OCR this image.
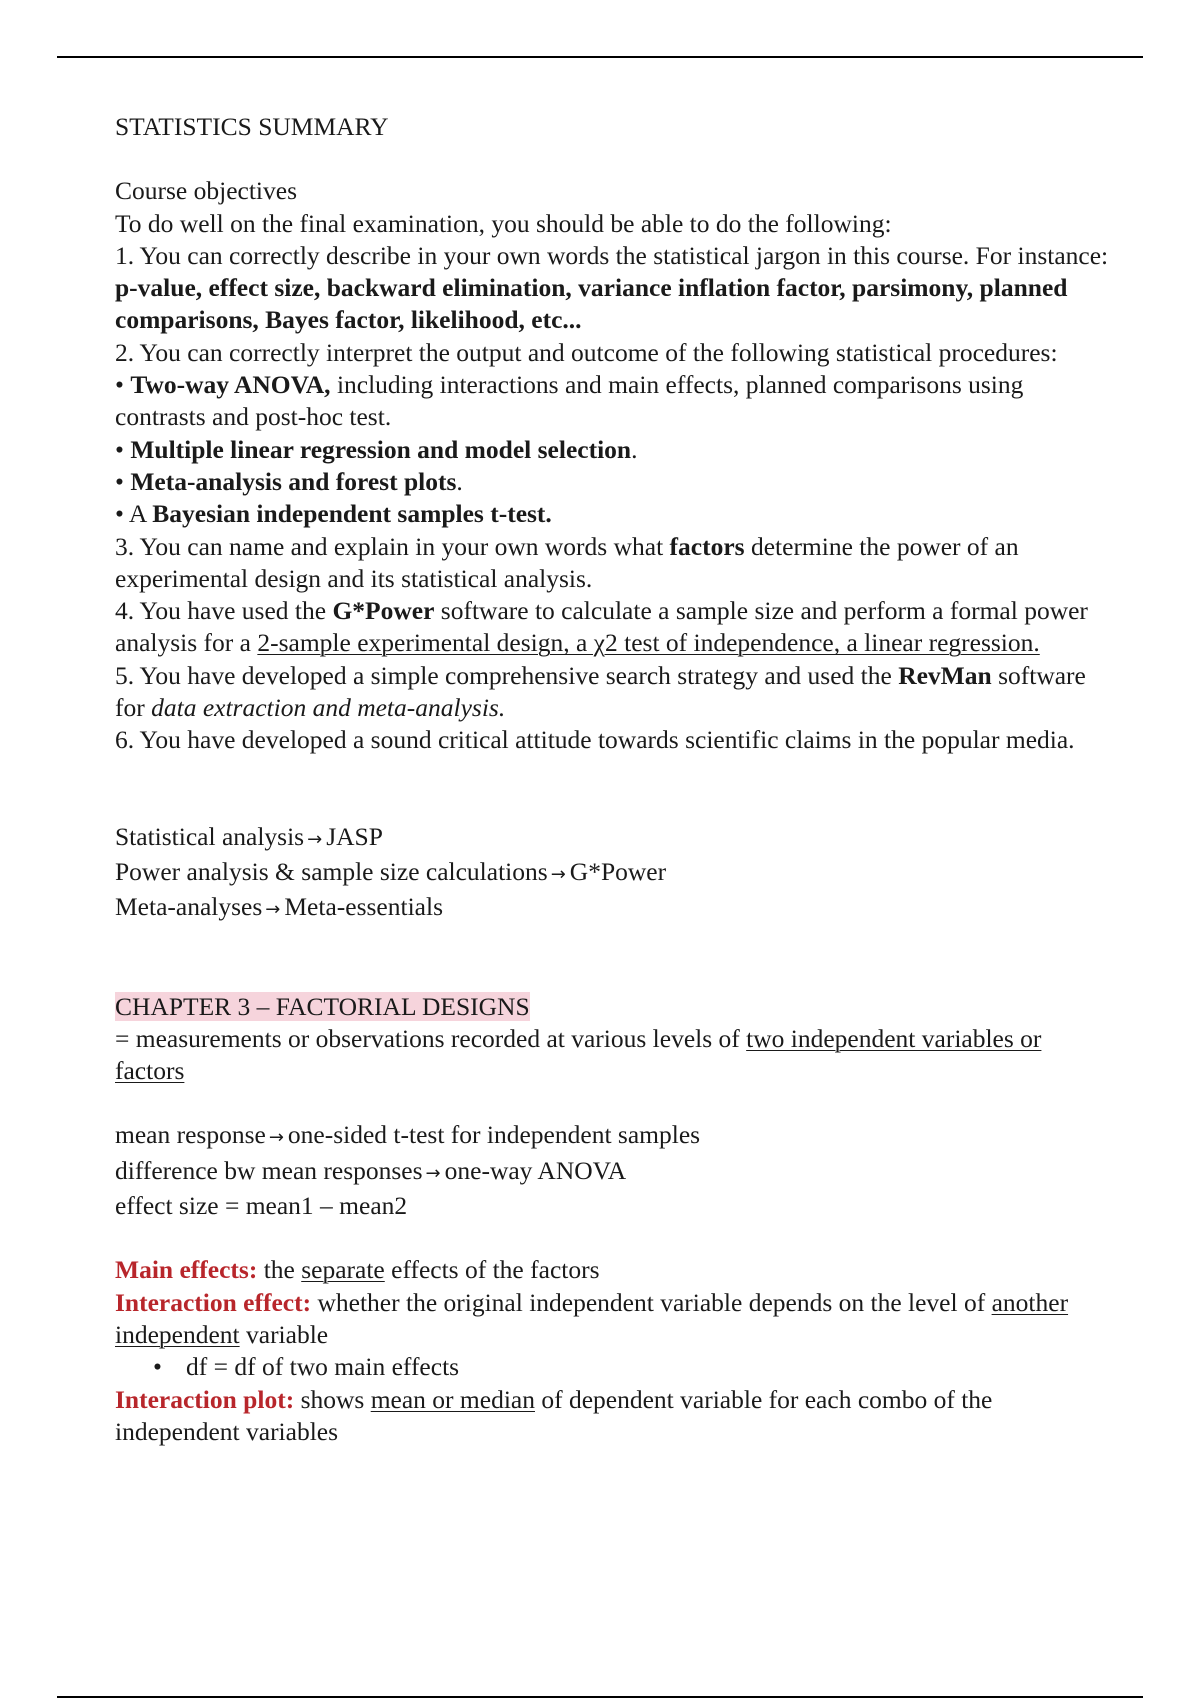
STATISTICS SUMMARY

Course objectives

To do well on the final examination, you should be able to do the following:

1. You can correctly describe in your own words the statistical jargon in this course. For instance: p-value, effect size, backward elimination, variance inflation factor, parsimony, planned comparisons, Bayes factor, likelihood, etc...

2. You can correctly interpret the output and outcome of the following statistical procedures:

• Two-way ANOVA, including interactions and main effects, planned comparisons using contrasts and post-hoc test.

• Multiple linear regression and model selection.

• Meta-analysis and forest plots.

• A Bayesian independent samples t-test.

3. You can name and explain in your own words what factors determine the power of an experimental design and its statistical analysis.

4. You have used the G*Power software to calculate a sample size and perform a formal power analysis for a 2-sample experimental design, a χ2 test of independence, a linear regression.

5. You have developed a simple comprehensive search strategy and used the RevMan software for data extraction and meta-analysis.

6. You have developed a sound critical attitude towards scientific claims in the popular media.

Statistical analysis → JASP

Power analysis & sample size calculations → G*Power

Meta-analyses → Meta-essentials

CHAPTER 3 – FACTORIAL DESIGNS

= measurements or observations recorded at various levels of two independent variables or factors

mean response → one-sided t-test for independent samples

difference bw mean responses → one-way ANOVA

effect size = mean1 – mean2

Main effects: the separate effects of the factors

Interaction effect: whether the original independent variable depends on the level of another independent variable

• df = df of two main effects

Interaction plot: shows mean or median of dependent variable for each combo of the independent variables
